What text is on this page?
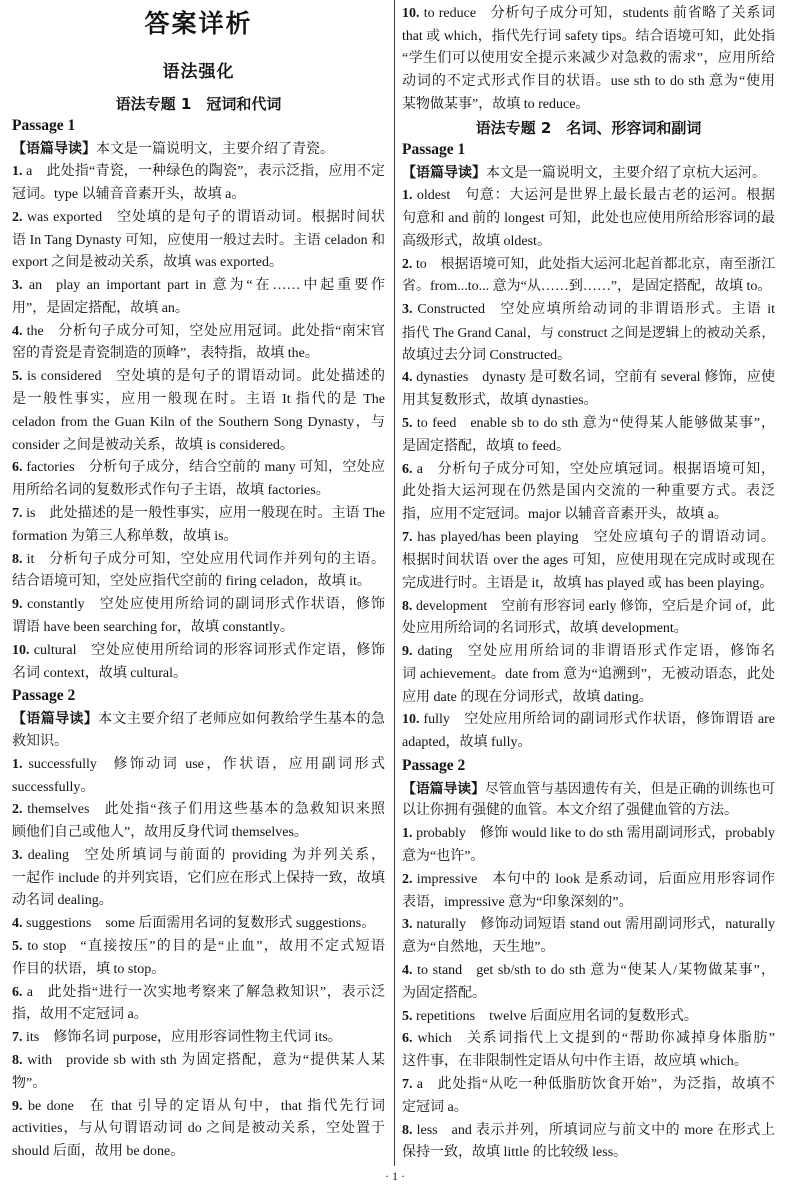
答案详析
语法强化
语法专题 1 冠词和代词
Passage 1
【语篇导读】本文是一篇说明文，主要介绍了青瓷。
1. a 此处指“青瓷，一种绿色的陶瓷”，表示泛指，应用不定
冠词。type 以辅音音素开头，故填 a。
2. was exported 空处填的是句子的谓语动词。根据时间状
语 In Tang Dynasty 可知，应使用一般过去时。主语 celadon 和
export 之间是被动关系，故填 was exported。
3. an play an important part in 意为“在……中起重要作
用”，是固定搭配，故填 an。
4. the 分析句子成分可知，空处应用冠词。此处指“南宋官
窑的青瓷是青瓷制造的顶峰”，表特指，故填 the。
5. is considered 空处填的是句子的谓语动词。此处描述的
是一般性事实，应用一般现在时。主语 It 指代的是 The
celadon from the Guan Kiln of the Southern Song Dynasty，与
consider 之间是被动关系，故填 is considered。
6. factories 分析句子成分，结合空前的 many 可知，空处应
用所给名词的复数形式作句子主语，故填 factories。
7. is 此处描述的是一般性事实，应用一般现在时。主语 The
formation 为第三人称单数，故填 is。
8. it 分析句子成分可知，空处应用代词作并列句的主语。
结合语境可知，空处应指代空前的 firing celadon，故填 it。
9. constantly 空处应使用所给词的副词形式作状语，修饰
谓语 have been searching for，故填 constantly。
10. cultural 空处应使用所给词的形容词形式作定语，修饰
名词 context，故填 cultural。
Passage 2
【语篇导读】本文主要介绍了老师应如何教给学生基本的急
救知识。
1. successfully 修饰动词 use，作状语，应用副词形式
successfully。
2. themselves 此处指“孩子们用这些基本的急救知识来照
顾他们自己或他人”，故用反身代词 themselves。
3. dealing 空处所填词与前面的 providing 为并列关系，
一起作 include 的并列宾语，它们应在形式上保持一致，故填
动名词 dealing。
4. suggestions some 后面需用名词的复数形式 suggestions。
5. to stop “直接按压”的目的是“止血”，故用不定式短语
作目的状语，填 to stop。
6. a 此处指“进行一次实地考察来了解急救知识”，表示泛
指，故用不定冠词 a。
7. its 修饰名词 purpose，应用形容词性物主代词 its。
8. with provide sb with sth 为固定搭配，意为“提供某人某
物”。
9. be done 在 that 引导的定语从句中，that 指代先行词
activities，与从句谓语动词 do 之间是被动关系，空处置于
should 后面，故用 be done。
10. to reduce 分析句子成分可知，students 前省略了关系词
that 或 which，指代先行词 safety tips。结合语境可知，此处指
“学生们可以使用安全提示来减少对急救的需求”，应用所给
动词的不定式形式作目的状语。use sth to do sth 意为“使用
某物做某事”，故填 to reduce。
语法专题 2 名词、形容词和副词
Passage 1
【语篇导读】本文是一篇说明文，主要介绍了京杭大运河。
1. oldest 句意：大运河是世界上最长最古老的运河。根据
句意和 and 前的 longest 可知，此处也应使用所给形容词的最
高级形式，故填 oldest。
2. to 根据语境可知，此处指大运河北起首都北京，南至浙江
省。from...to... 意为“从……到……”，是固定搭配，故填 to。
3. Constructed 空处应填所给动词的非谓语形式。主语 it
指代 The Grand Canal，与 construct 之间是逻辑上的被动关系，
故填过去分词 Constructed。
4. dynasties dynasty 是可数名词，空前有 several 修饰，应使
用其复数形式，故填 dynasties。
5. to feed enable sb to do sth 意为“使得某人能够做某事”，
是固定搭配，故填 to feed。
6. a 分析句子成分可知，空处应填冠词。根据语境可知，
此处指大运河现在仍然是国内交流的一种重要方式。表泛
指，应用不定冠词。major 以辅音音素开头，故填 a。
7. has played/has been playing 空处应填句子的谓语动词。
根据时间状语 over the ages 可知，应使用现在完成时或现在
完成进行时。主语是 it，故填 has played 或 has been playing。
8. development 空前有形容词 early 修饰，空后是介词 of，此
处应用所给词的名词形式，故填 development。
9. dating 空处应用所给词的非谓语形式作定语，修饰名
词 achievement。date from 意为“追溯到”，无被动语态，此处
应用 date 的现在分词形式，故填 dating。
10. fully 空处应用所给词的副词形式作状语，修饰谓语 are
adapted，故填 fully。
Passage 2
【语篇导读】尽管血管与基因遗传有关，但是正确的训练也可
以让你拥有强健的血管。本文介绍了强健血管的方法。
1. probably 修饰 would like to do sth 需用副词形式，probably
意为“也许”。
2. impressive 本句中的 look 是系动词，后面应用形容词作
表语，impressive 意为“印象深刻的”。
3. naturally 修饰动词短语 stand out 需用副词形式，naturally
意为“自然地，天生地”。
4. to stand get sb/sth to do sth 意为“使某人/某物做某事”，
为固定搭配。
5. repetitions twelve 后面应用名词的复数形式。
6. which 关系词指代上文提到的“帮助你减掉身体脂肪”
这件事，在非限制性定语从句中作主语，故应填 which。
7. a 此处指“从吃一种低脂肪饮食开始”，为泛指，故填不
定冠词 a。
8. less and 表示并列，所填词应与前文中的 more 在形式上
保持一致，故填 little 的比较级 less。
· 1 ·
